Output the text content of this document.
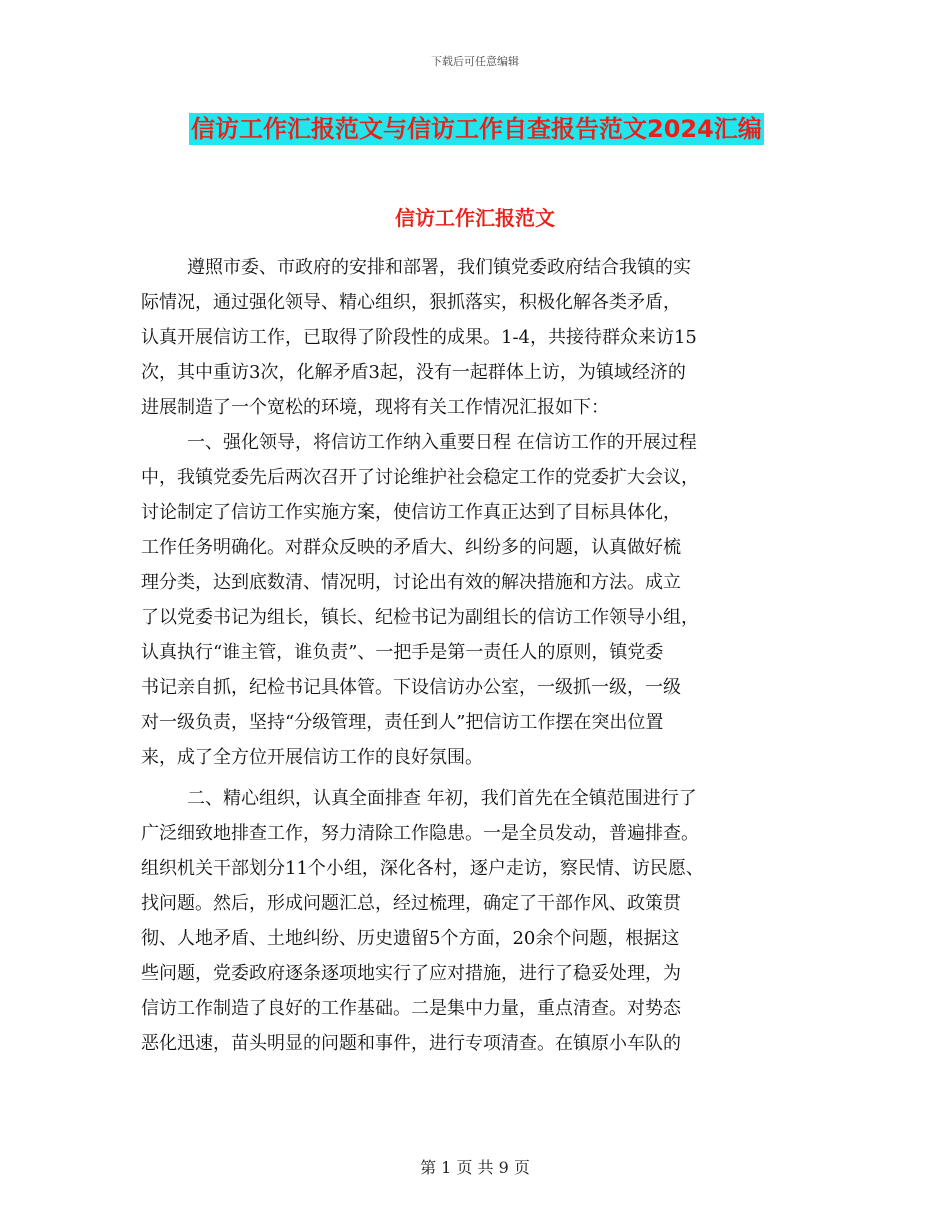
下载后可任意编辑
信访工作汇报范文与信访工作自查报告范文2024汇编
信访工作汇报范文
遵照市委、市政府的安排和部署，我们镇党委政府结合我镇的实
际情况，通过强化领导、精心组织，狠抓落实，积极化解各类矛盾，
认真开展信访工作，已取得了阶段性的成果。1-4，共接待群众来访15
次，其中重访3次，化解矛盾3起，没有一起群体上访，为镇域经济的
进展制造了一个宽松的环境，现将有关工作情况汇报如下：
一、强化领导，将信访工作纳入重要日程 在信访工作的开展过程
中，我镇党委先后两次召开了讨论维护社会稳定工作的党委扩大会议，
讨论制定了信访工作实施方案，使信访工作真正达到了目标具体化，
工作任务明确化。对群众反映的矛盾大、纠纷多的问题，认真做好梳
理分类，达到底数清、情况明，讨论出有效的解决措施和方法。成立
了以党委书记为组长，镇长、纪检书记为副组长的信访工作领导小组，
认真执行“谁主管，谁负责”、一把手是第一责任人的原则，镇党委
书记亲自抓，纪检书记具体管。下设信访办公室，一级抓一级，一级
对一级负责，坚持“分级管理，责任到人”把信访工作摆在突出位置
来，成了全方位开展信访工作的良好氛围。
二、精心组织，认真全面排查 年初，我们首先在全镇范围进行了
广泛细致地排查工作，努力清除工作隐患。一是全员发动，普遍排查。
组织机关干部划分11个小组，深化各村，逐户走访，察民情、访民愿、
找问题。然后，形成问题汇总，经过梳理，确定了干部作风、政策贯
彻、人地矛盾、土地纠纷、历史遗留5个方面，20余个问题，根据这
些问题，党委政府逐条逐项地实行了应对措施，进行了稳妥处理，为
信访工作制造了良好的工作基础。二是集中力量，重点清查。对势态
恶化迅速，苗头明显的问题和事件，进行专项清查。在镇原小车队的
第 1 页 共 9 页
